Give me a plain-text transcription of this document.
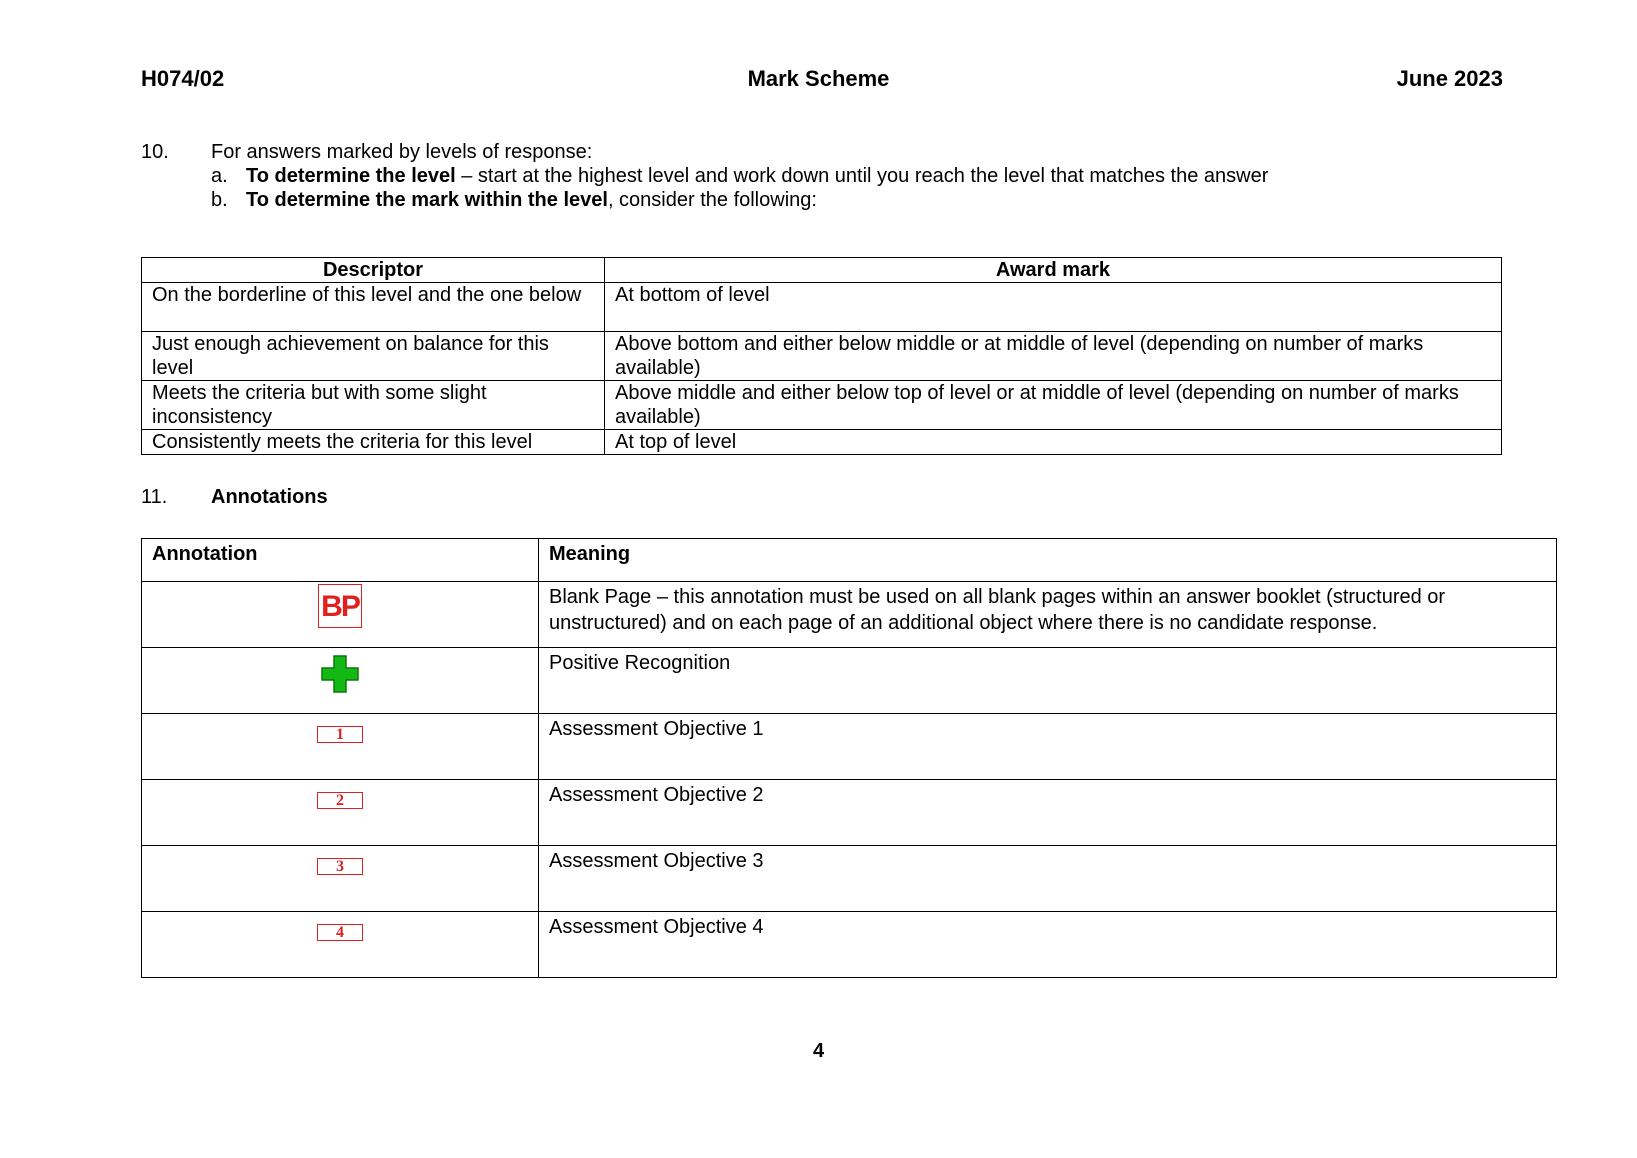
H074/02	Mark Scheme	June 2023
10.	For answers marked by levels of response:
a. To determine the level – start at the highest level and work down until you reach the level that matches the answer
b. To determine the mark within the level, consider the following:
Descriptor	Award mark
On the borderline of this level and the one below	At bottom of level
Just enough achievement on balance for this level	Above bottom and either below middle or at middle of level (depending on number of marks available)
Meets the criteria but with some slight inconsistency	Above middle and either below top of level or at middle of level (depending on number of marks available)
Consistently meets the criteria for this level	At top of level
11. Annotations
Annotation	Meaning
BP	Blank Page – this annotation must be used on all blank pages within an answer booklet (structured or unstructured) and on each page of an additional object where there is no candidate response.
	Positive Recognition
1	Assessment Objective 1
2	Assessment Objective 2
3	Assessment Objective 3
4	Assessment Objective 4
4
